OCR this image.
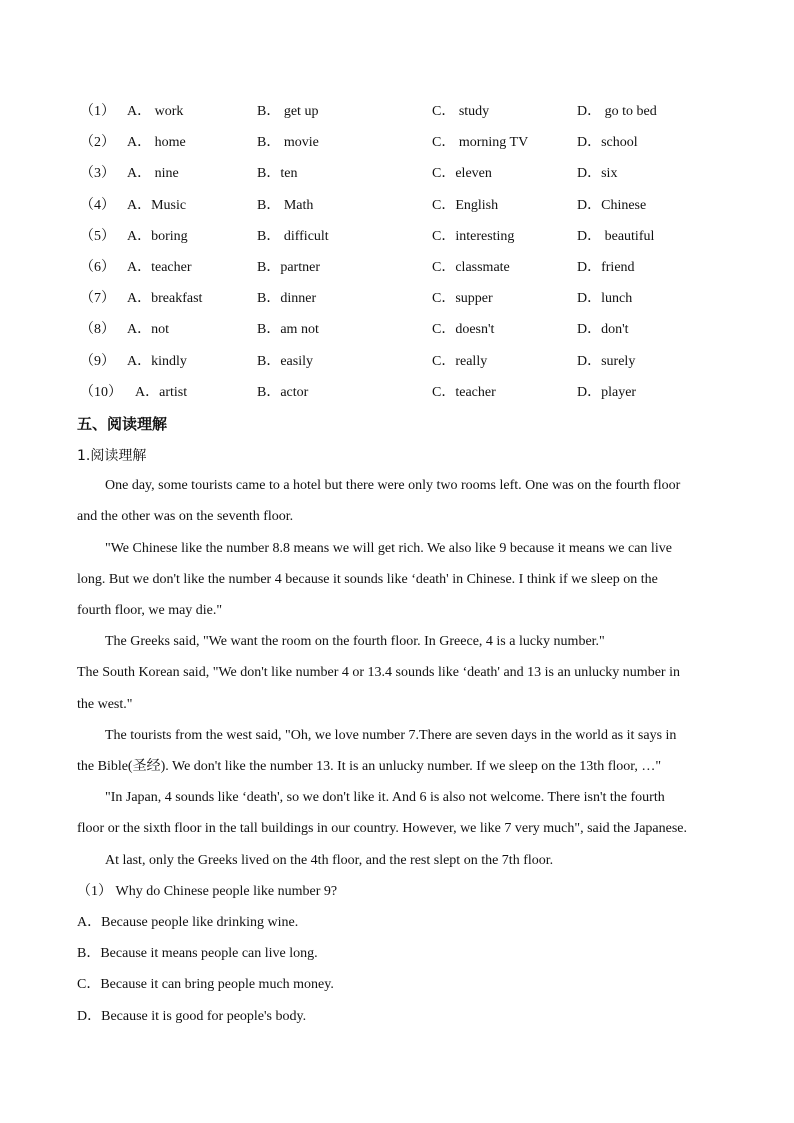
（1） A． work	B． get up	C． study	D． go to bed
（2） A． home	B． movie	C． morning TV	D．school
（3） A． nine	B．ten	C．eleven	D．six
（4） A．Music	B． Math	C．English	D．Chinese
（5） A．boring	B． difficult	C．interesting	D． beautiful
（6） A．teacher	B．partner	C．classmate	D．friend
（7） A．breakfast	B．dinner	C．supper	D．lunch
（8） A．not	B．am not	C．doesn't	D．don't
（9） A．kindly	B．easily	C．really	D．surely
（10） A．artist	B．actor	C．teacher	D．player
五、阅读理解
1.阅读理解
One day, some tourists came to a hotel but there were only two rooms left. One was on the fourth floor
and the other was on the seventh floor.
"We Chinese like the number 8.8 means we will get rich. We also like 9 because it means we can live
long. But we don't like the number 4 because it sounds like ‘death' in Chinese. I think if we sleep on the
fourth floor, we may die."
The Greeks said, "We want the room on the fourth floor. In Greece, 4 is a lucky number."
The South Korean said, "We don't like number 4 or 13.4 sounds like ‘death' and 13 is an unlucky number in
the west."
The tourists from the west said, "Oh, we love number 7.There are seven days in the world as it says in
the Bible(圣经). We don't like the number 13. It is an unlucky number. If we sleep on the 13th floor, …"
"In Japan, 4 sounds like ‘death', so we don't like it. And 6 is also not welcome. There isn't the fourth
floor or the sixth floor in the tall buildings in our country. However, we like 7 very much", said the Japanese.
At last, only the Greeks lived on the 4th floor, and the rest slept on the 7th floor.
（1） Why do Chinese people like number 9?
A．Because people like drinking wine.
B．Because it means people can live long.
C．Because it can bring people much money.
D．Because it is good for people's body.
